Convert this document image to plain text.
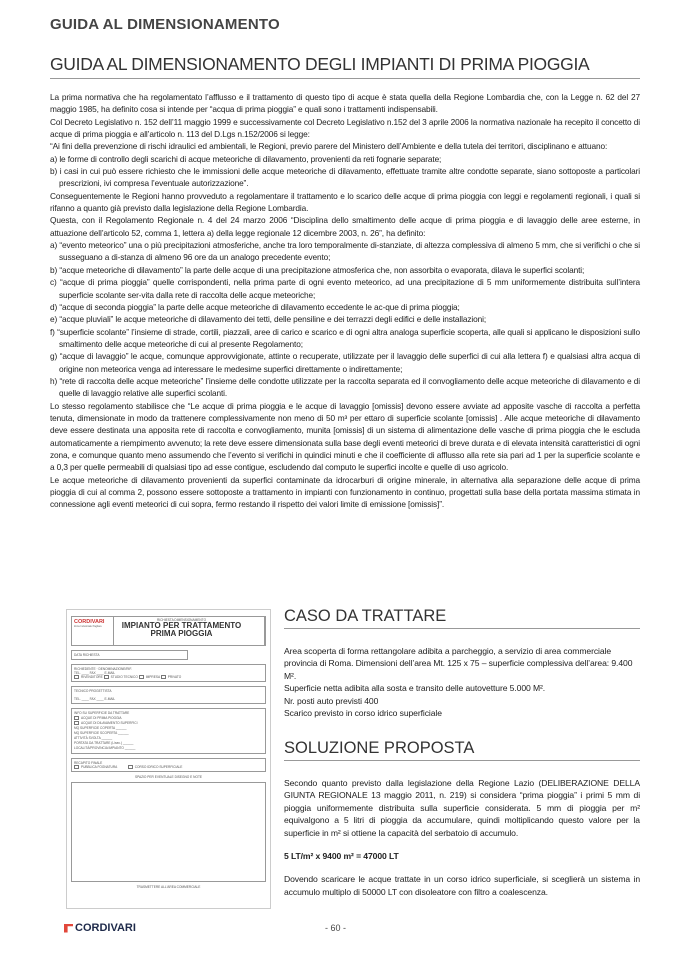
GUIDA AL DIMENSIONAMENTO
GUIDA AL DIMENSIONAMENTO DEGLI IMPIANTI DI PRIMA PIOGGIA

La prima normativa che ha regolamentato l’afflusso e il trattamento di questo tipo di acque è stata quella della Regione Lombardia che, con la Legge n. 62 del 27 maggio 1985, ha definito cosa si intende per “acqua di prima pioggia” e quali sono i trattamenti indispensabili.

Col Decreto Legislativo n. 152 dell’11 maggio 1999 e successivamente col Decreto Legislativo n.152 del 3 aprile 2006 la normativa nazionale ha recepito il concetto di acque di prima pioggia e all’articolo n. 113 del D.Lgs n.152/2006 si legge:

“Ai fini della prevenzione di rischi idraulici ed ambientali, le Regioni, previo parere del Ministero dell’Ambiente e della tutela dei territori, disciplinano e attuano:

a) le forme di controllo degli scarichi di acque meteoriche di dilavamento, provenienti da reti fognarie separate;

b) i casi in cui può essere richiesto che le immissioni delle acque meteoriche di dilavamento, effettuate tramite altre condotte separate, siano sottoposte a particolari prescrizioni, ivi compresa l’eventuale autorizzazione”.

Conseguentemente le Regioni hanno provveduto a regolamentare il trattamento e lo scarico delle acque di prima pioggia con leggi e regolamenti regionali, i quali si rifanno a quanto già previsto dalla legislazione della Regione Lombardia.

Questa, con il Regolamento Regionale n. 4 del 24 marzo 2006 “Disciplina dello smaltimento delle acque di prima pioggia e di lavaggio delle aree esterne, in attuazione dell’articolo 52, comma 1, lettera a) della legge regionale 12 dicembre 2003, n. 26”, ha definito:

a) “evento meteorico” una o più precipitazioni atmosferiche, anche tra loro temporalmente di-stanziate, di altezza complessiva di almeno 5 mm, che si verifichi o che si susseguano a di-stanza di almeno 96 ore da un analogo precedente evento;

b) “acque meteoriche di dilavamento” la parte delle acque di una precipitazione atmosferica che, non assorbita o evaporata, dilava le superfici scolanti;

c) “acque di prima pioggia” quelle corrispondenti, nella prima parte di ogni evento meteorico, ad una precipitazione di 5 mm uniformemente distribuita sull’intera superficie scolante ser-vita dalla rete di raccolta delle acque meteoriche;

d) “acque di seconda pioggia” la parte delle acque meteoriche di dilavamento eccedente le ac-que di prima pioggia;

e) “acque pluviali” le acque meteoriche di dilavamento dei tetti, delle pensiline e dei terrazzi degli edifici e delle installazioni;

f) “superficie scolante” l’insieme di strade, cortili, piazzali, aree di carico e scarico e di ogni altra analoga superficie scoperta, alle quali si applicano le disposizioni sullo smaltimento delle acque meteoriche di cui al presente Regolamento;

g) “acque di lavaggio” le acque, comunque approvvigionate, attinte o recuperate, utilizzate per il lavaggio delle superfici di cui alla lettera f) e qualsiasi altra acqua di origine non meteorica venga ad interessare le medesime superfici direttamente o indirettamente;

h) “rete di raccolta delle acque meteoriche” l’insieme delle condotte utilizzate per la raccolta separata ed il convogliamento delle acque meteoriche di dilavamento e di quelle di lavaggio relative alle superfici scolanti.

Lo stesso regolamento stabilisce che “Le acque di prima pioggia e le acque di lavaggio [omissis] devono essere avviate ad apposite vasche di raccolta a perfetta tenuta, dimensionate in modo da trattenere complessivamente non meno di 50 m³ per ettaro di superficie scolante [omissis] . Alle acque meteoriche di dilavamento deve essere destinata una apposita rete di raccolta e convogliamento, munita [omissis] di un sistema di alimentazione delle vasche di prima pioggia che le escluda automaticamente a riempimento avvenuto; la rete deve essere dimensionata sulla base degli eventi meteorici di breve durata e di elevata intensità caratteristici di ogni zona, e comunque quanto meno assumendo che l’evento si verifichi in quindici minuti e che il coefficiente di afflusso alla rete sia pari ad 1 per la superficie scolante e a 0,3 per quelle permeabili di qualsiasi tipo ad esse contigue, escludendo dal computo le superfici incolte e quelle di uso agricolo.

Le acque meteoriche di dilavamento provenienti da superfici contaminate da idrocarburi di origine minerale, in alternativa alla separazione delle acque di prima pioggia di cui al comma 2, possono essere sottoposte a trattamento in impianti con funzionamento in continuo, progettati sulla base della portata massima stimata in connessione agli eventi meteorici di cui sopra, fermo restando il rispetto dei valori limite di emissione [omissis]”.

CORDIVARI
Zona Industriale Pagliare
RICHIESTA DIMENSIONAMENTO
IMPIANTO PER TRATTAMENTO
PRIMA PIOGGIA
DATA RICHIESTA
RICHIEDENTE · DENOMINAZIONE/RIF.
TEL. ____ FAX ____ E-MAIL
RIVENDITORE STUDIO TECNICO IMPRESA PRIVATO
TECNICO PROGETTISTA

TEL. ____ FAX ____ E-MAIL
INFO SU SUPERFICIE DA TRATTARE
ACQUE DI PRIMA PIOGGIA
ACQUE DI DILAVAMENTO SUPERFICI
MQ SUPERFICIE COPERTA ______
MQ SUPERFICIE SCOPERTA ______
ATTIVITÀ SVOLTA ______
PORTATA DA TRATTARE (L/sec.) ______
LOCALITÀ/PROVINCIA IMPIANTO ______
RECAPITO FINALE
PUBBLICA FOGNATURA	CORSO IDRICO SUPERFICIALE
SPAZIO PER EVENTUALE DISEGNO E NOTE
TRASMETTERE ALL'AREA COMMERCIALE
CASO DA TRATTARE

Area scoperta di forma rettangolare adibita a parcheggio, a servizio di area commerciale provincia di Roma. Dimensioni dell’area Mt. 125 x 75 – superficie complessiva dell’area: 9.400 M².

Superficie netta adibita alla sosta e transito delle autovetture 5.000 M².

Nr. posti auto previsti 400

Scarico previsto in corso idrico superficiale

SOLUZIONE PROPOSTA

Secondo quanto previsto dalla legislazione della Regione Lazio (DELIBERAZIONE DELLA GIUNTA REGIONALE 13 maggio 2011, n. 219) si considera “prima pioggia” i primi 5 mm di pioggia uniformemente distribuita sulla superficie considerata. 5 mm di pioggia per m² equivalgono a 5 litri di pioggia da accumulare, quindi moltiplicando questo valore per la superficie in m² si ottiene la capacità del serbatoio di accumulo.

5 LT/m² x 9400 m² = 47000 LT

Dovendo scaricare le acque trattate in un corso idrico superficiale, si sceglierà un sistema in accumulo multiplo di 50000 LT con disoleatore con filtro a coalescenza.

CORDIVARI	- 60 -
